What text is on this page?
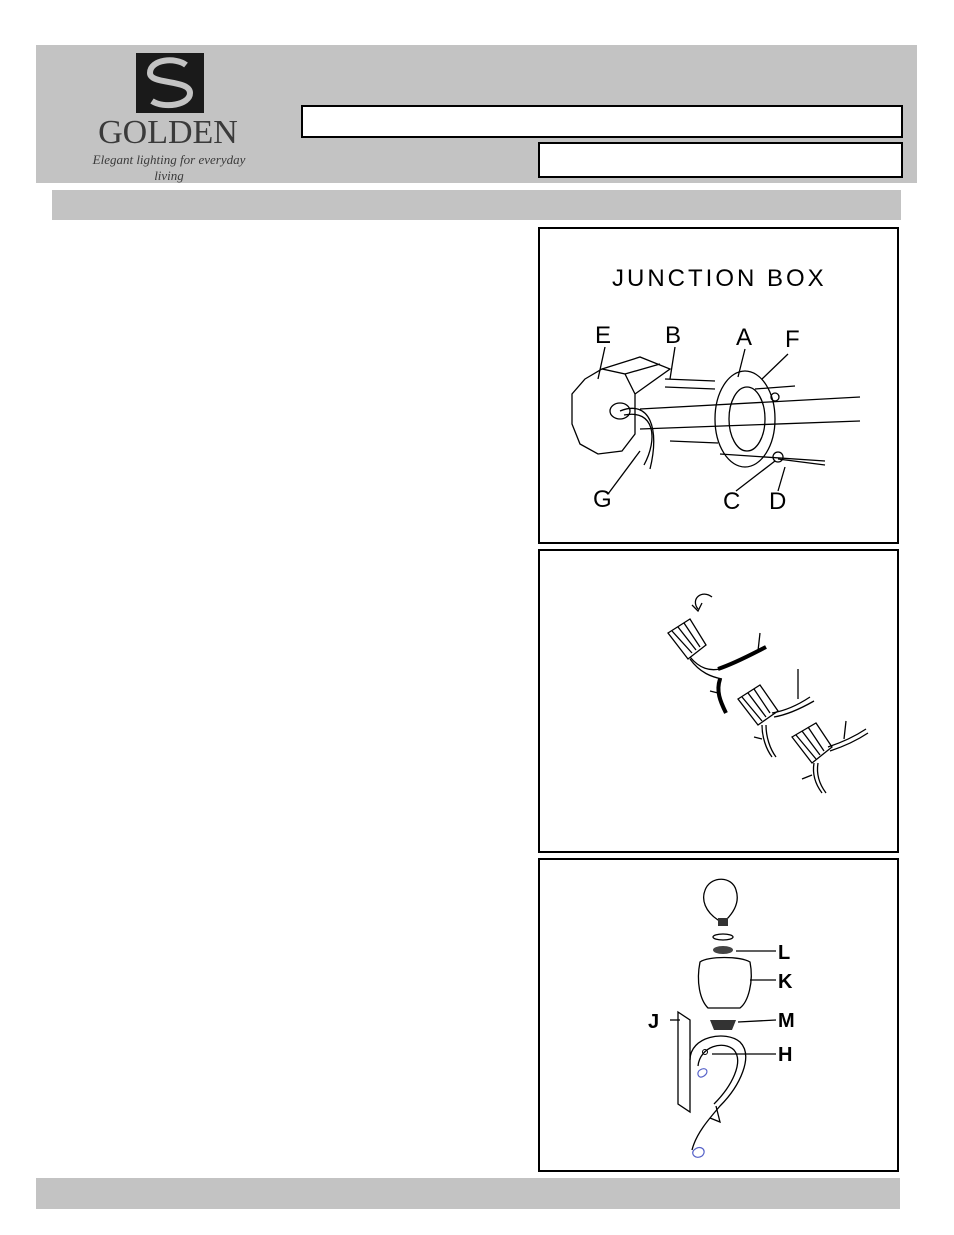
GOLDEN
Elegant lighting for everyday living
JUNCTION BOX
E B A F
G	C D
L
K
M
J
H
